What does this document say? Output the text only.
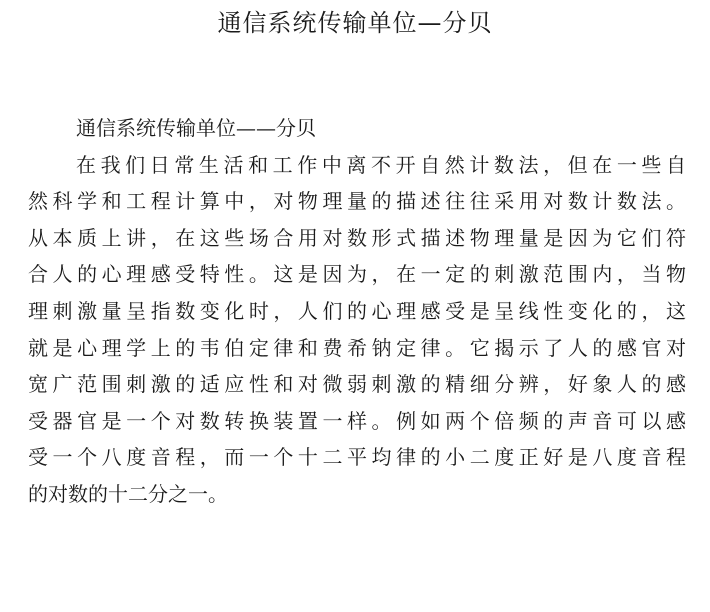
通信系统传输单位—分贝
通信系统传输单位——分贝
在我们日常生活和工作中离不开自然计数法，但在一些自
然科学和工程计算中，对物理量的描述往往采用对数计数法。
从本质上讲，在这些场合用对数形式描述物理量是因为它们符
合人的心理感受特性。这是因为，在一定的刺激范围内，当物
理刺激量呈指数变化时，人们的心理感受是呈线性变化的，这
就是心理学上的韦伯定律和费希钠定律。它揭示了人的感官对
宽广范围刺激的适应性和对微弱刺激的精细分辨，好象人的感
受器官是一个对数转换装置一样。例如两个倍频的声音可以感
受一个八度音程，而一个十二平均律的小二度正好是八度音程
的对数的十二分之一。
